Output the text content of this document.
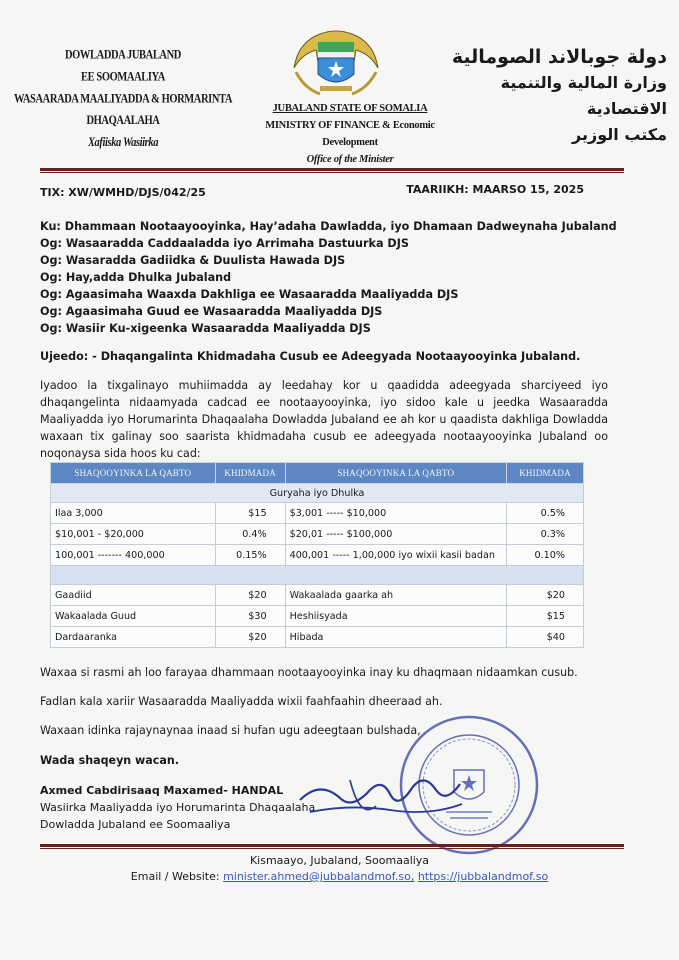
DOWLADDA JUBALAND
EE SOOMAALIYA
WASAARADA MAALIYADDA & HORMARINTA DHAQAALAHA
Xafiiska Wasiirka
JUBALAND STATE OF SOMALIA
MINISTRY OF FINANCE & Economic Development
Office of the Minister
دولة جوبالاند الصومالية
وزارة المالية والتنمية الاقتصادية
مكتب الوزير
TIX: XW/WMHD/DJS/042/25	TAARIIKH: MAARSO 15, 2025
Ku: Dhammaan Nootaayooyinka, Hay’adaha Dawladda, iyo Dhamaan Dadweynaha Jubaland
Og: Wasaaradda Caddaaladda iyo Arrimaha Dastuurka DJS
Og: Wasaradda Gadiidka & Duulista Hawada DJS
Og: Hay,adda Dhulka Jubaland
Og: Agaasimaha Waaxda Dakhliga ee Wasaaradda Maaliyadda DJS
Og: Agaasimaha Guud ee Wasaaradda Maaliyadda DJS
Og: Wasiir Ku-xigeenka Wasaaradda Maaliyadda DJS
Ujeedo: - Dhaqangalinta Khidmadaha Cusub ee Adeegyada Nootaayooyinka Jubaland.
Iyadoo la tixgalinayo muhiimadda ay leedahay kor u qaadidda adeegyada sharciyeed iyo dhaqangelinta nidaamyada cadcad ee nootaayooyinka, iyo sidoo kale u jeedka Wasaaradda Maaliyadda iyo Horumarinta Dhaqaalaha Dowladda Jubaland ee ah kor u qaadista dakhliga Dowladda waxaan tix galinay soo saarista khidmadaha cusub ee adeegyada nootaayooyinka Jubaland oo noqonaysa sida hoos ku cad:
SHAQOOYINKA LA QABTO	KHIDMADA	SHAQOOYINKA LA QABTO	KHIDMADA
Guryaha iyo Dhulka			
Ilaa 3,000	$15	$3,001 ----- $10,000	0.5%
$10,001 - $20,000	0.4%	$20,01 ----- $100,000	0.3%
100,001 ------- 400,000	0.15%	400,001 ----- 1,00,000 iyo wixii kasii badan	0.10%

Gaadiid	$20	Wakaalada gaarka ah	$20
Wakaalada Guud	$30	Heshiisyada	$15
Dardaaranka	$20	Hibada	$40
Waxaa si rasmi ah loo farayaa dhammaan nootaayooyinka inay ku dhaqmaan nidaamkan cusub.
Fadlan kala xariir Wasaaradda Maaliyadda wixii faahfaahin dheeraad ah.
Waxaan idinka rajaynaynaa inaad si hufan ugu adeegtaan bulshada,
Wada shaqeyn wacan.
Axmed Cabdirisaaq Maxamed- HANDAL
Wasiirka Maaliyadda iyo Horumarinta Dhaqaalaha
Dowladda Jubaland ee Soomaaliya
Kismaayo, Jubaland, Soomaaliya
Email / Website: minister.ahmed@jubbalandmof.so, https://jubbalandmof.so
